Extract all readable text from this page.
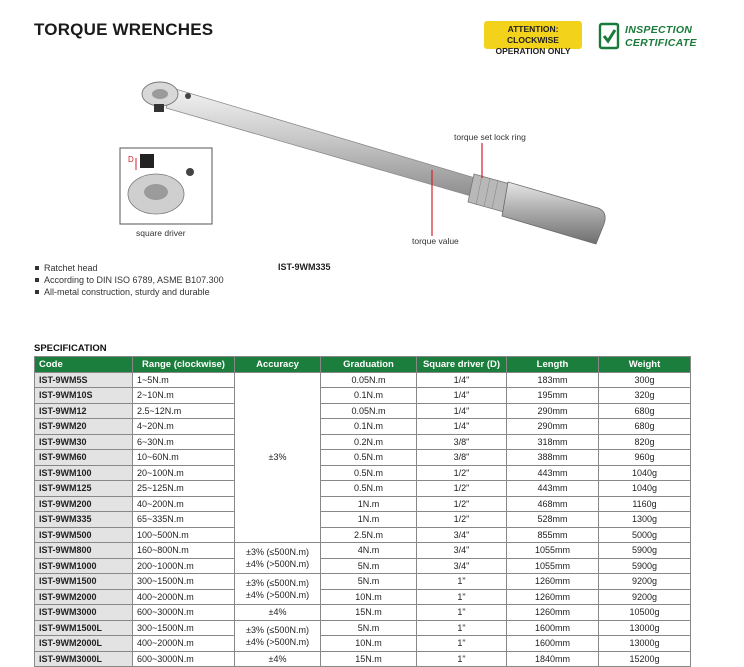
TORQUE WRENCHES	ATTENTION: CLOCKWISE
OPERATION ONLY
INSPECTION
CERTIFICATE
D
torque set lock ring
torque value
square driver
IST-9WM335
Ratchet head
According to DIN ISO 6789, ASME B107.300
All-metal construction, sturdy and durable
SPECIFICATION
Code	Range (clockwise)	Accuracy	Graduation	Square driver (D)	Length	Weight
IST-9WM5S	1~5N.m	±3%	0.05N.m	1/4"	183mm	300g
IST-9WM10S	2~10N.m		0.1N.m	1/4"	195mm	320g
IST-9WM12	2.5~12N.m		0.05N.m	1/4"	290mm	680g
IST-9WM20	4~20N.m		0.1N.m	1/4"	290mm	680g
IST-9WM30	6~30N.m		0.2N.m	3/8"	318mm	820g
IST-9WM60	10~60N.m		0.5N.m	3/8"	388mm	960g
IST-9WM100	20~100N.m		0.5N.m	1/2"	443mm	1040g
IST-9WM125	25~125N.m		0.5N.m	1/2"	443mm	1040g
IST-9WM200	40~200N.m		1N.m	1/2"	468mm	1160g
IST-9WM335	65~335N.m		1N.m	1/2"	528mm	1300g
IST-9WM500	100~500N.m		2.5N.m	3/4"	855mm	5000g
IST-9WM800	160~800N.m	±3% (≤500N.m)
±4% (>500N.m)	4N.m	3/4"	1055mm	5900g
IST-9WM1000	200~1000N.m		5N.m	3/4"	1055mm	5900g
IST-9WM1500	300~1500N.m	±3% (≤500N.m)
±4% (>500N.m)	5N.m	1"	1260mm	9200g
IST-9WM2000	400~2000N.m		10N.m	1"	1260mm	9200g
IST-9WM3000	600~3000N.m	±4%	15N.m	1"	1260mm	10500g
IST-9WM1500L	300~1500N.m	±3% (≤500N.m)
±4% (>500N.m)	5N.m	1"	1600mm	13000g
IST-9WM2000L	400~2000N.m		10N.m	1"	1600mm	13000g
IST-9WM3000L	600~3000N.m	±4%	15N.m	1"	1840mm	15200g
